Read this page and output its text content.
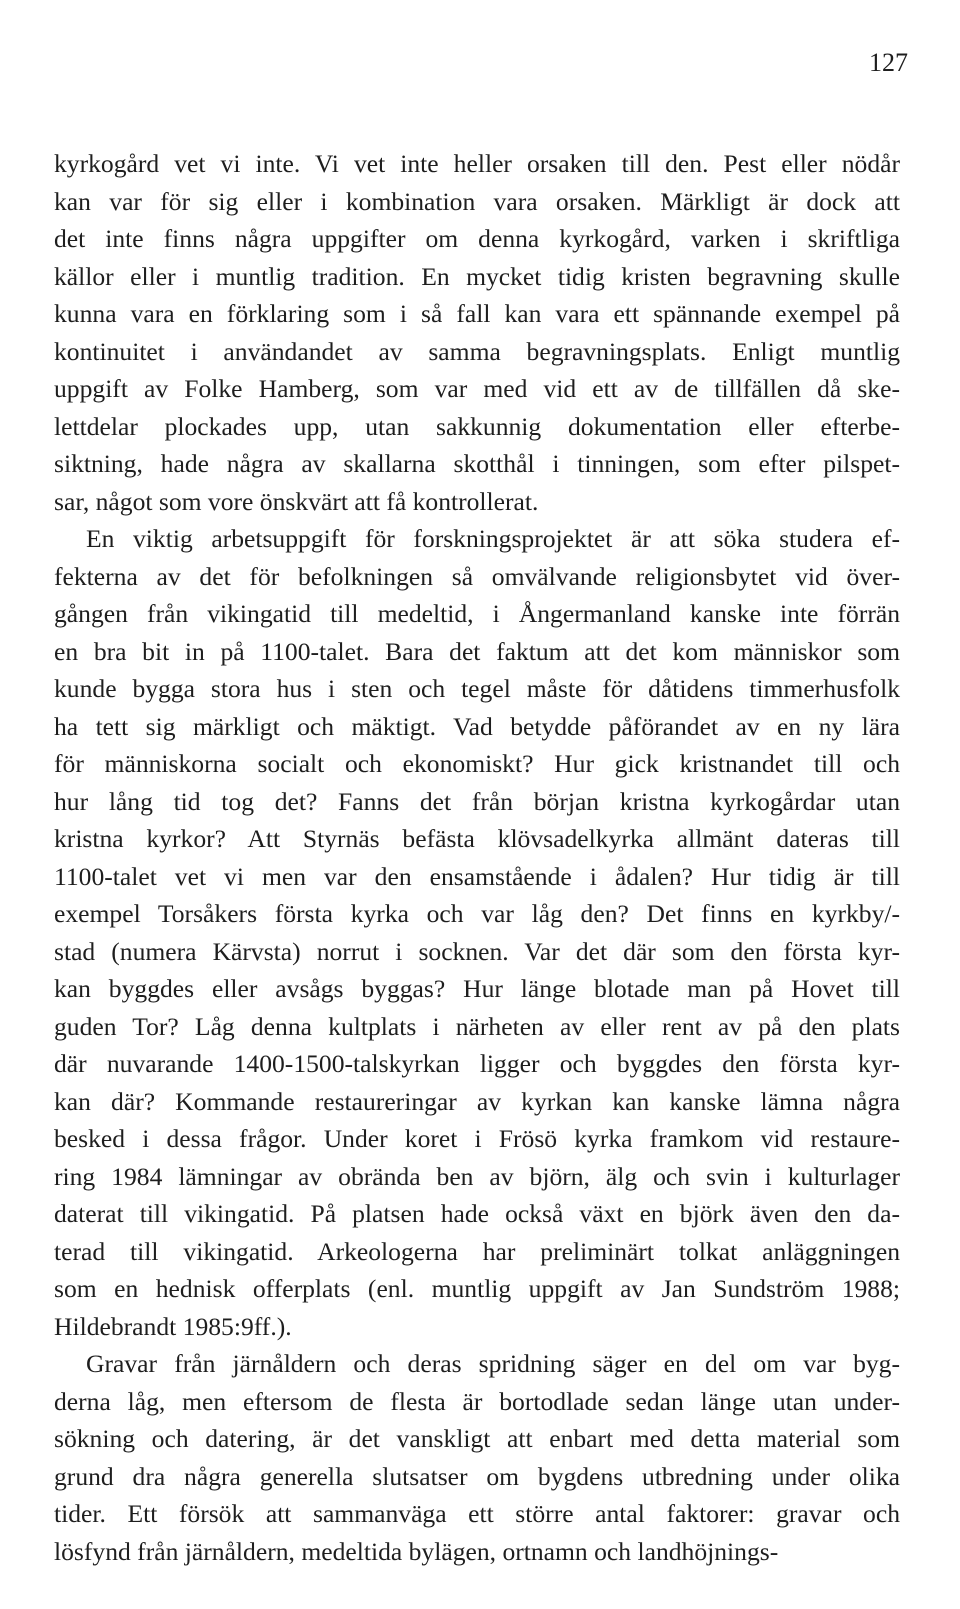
127
kyrkogård vet vi inte. Vi vet inte heller orsaken till den. Pest eller nödår
kan var för sig eller i kombination vara orsaken. Märkligt är dock att
det inte finns några uppgifter om denna kyrkogård, varken i skriftliga
källor eller i muntlig tradition. En mycket tidig kristen begravning skulle
kunna vara en förklaring som i så fall kan vara ett spännande exempel på
kontinuitet i användandet av samma begravningsplats. Enligt muntlig
uppgift av Folke Hamberg, som var med vid ett av de tillfällen då ske-
lettdelar plockades upp, utan sakkunnig dokumentation eller efterbe-
siktning, hade några av skallarna skotthål i tinningen, som efter pilspet-
sar, något som vore önskvärt att få kontrollerat.
En viktig arbetsuppgift för forskningsprojektet är att söka studera ef-
fekterna av det för befolkningen så omvälvande religionsbytet vid över-
gången från vikingatid till medeltid, i Ångermanland kanske inte förrän
en bra bit in på 1100-talet. Bara det faktum att det kom människor som
kunde bygga stora hus i sten och tegel måste för dåtidens timmerhusfolk
ha tett sig märkligt och mäktigt. Vad betydde påförandet av en ny lära
för människorna socialt och ekonomiskt? Hur gick kristnandet till och
hur lång tid tog det? Fanns det från början kristna kyrkogårdar utan
kristna kyrkor? Att Styrnäs befästa klövsadelkyrka allmänt dateras till
1100-talet vet vi men var den ensamstående i ådalen? Hur tidig är till
exempel Torsåkers första kyrka och var låg den? Det finns en kyrkby/-
stad (numera Kärvsta) norrut i socknen. Var det där som den första kyr-
kan byggdes eller avsågs byggas? Hur länge blotade man på Hovet till
guden Tor? Låg denna kultplats i närheten av eller rent av på den plats
där nuvarande 1400-1500-talskyrkan ligger och byggdes den första kyr-
kan där? Kommande restaureringar av kyrkan kan kanske lämna några
besked i dessa frågor. Under koret i Frösö kyrka framkom vid restaure-
ring 1984 lämningar av obrända ben av björn, älg och svin i kulturlager
daterat till vikingatid. På platsen hade också växt en björk även den da-
terad till vikingatid. Arkeologerna har preliminärt tolkat anläggningen
som en hednisk offerplats (enl. muntlig uppgift av Jan Sundström 1988;
Hildebrandt 1985:9ff.).
Gravar från järnåldern och deras spridning säger en del om var byg-
derna låg, men eftersom de flesta är bortodlade sedan länge utan under-
sökning och datering, är det vanskligt att enbart med detta material som
grund dra några generella slutsatser om bygdens utbredning under olika
tider. Ett försök att sammanväga ett större antal faktorer: gravar och
lösfynd från järnåldern, medeltida bylägen, ortnamn och landhöjnings-
